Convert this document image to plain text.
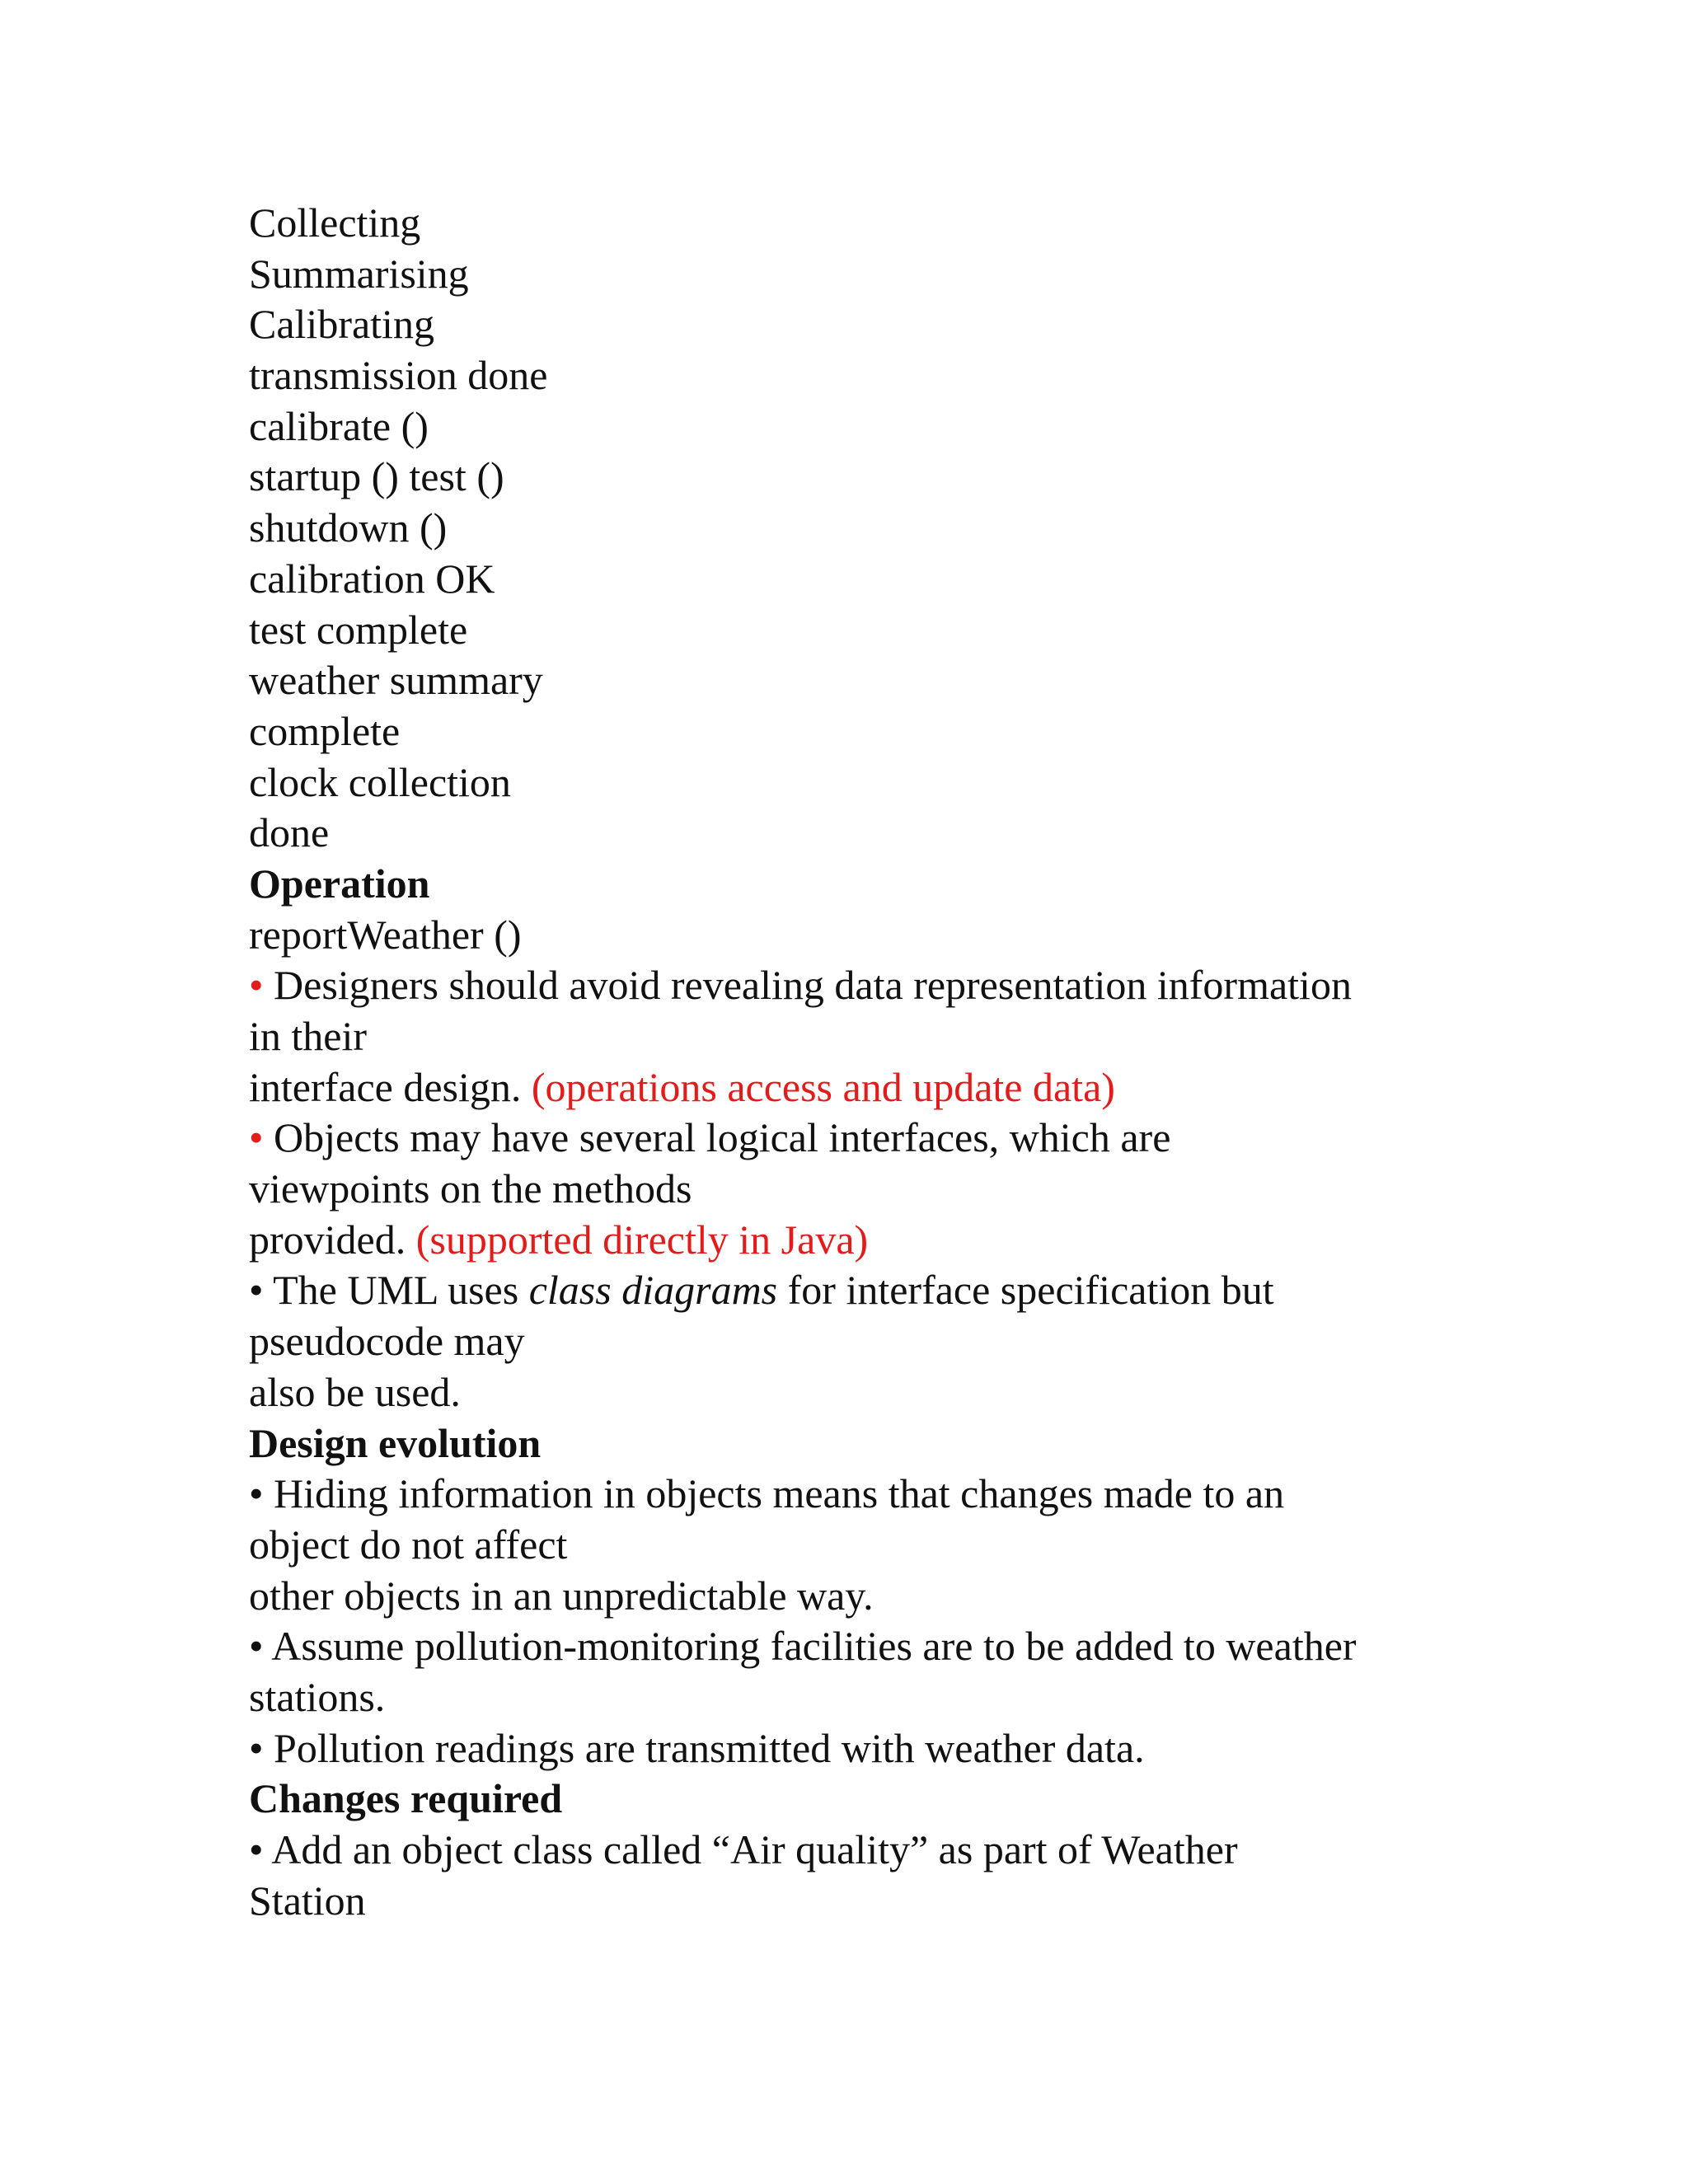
Collecting
Summarising
Calibrating
transmission done
calibrate ()
startup () test ()
shutdown ()
calibration OK
test complete
weather summary
complete
clock collection
done
Operation
reportWeather ()
• Designers should avoid revealing data representation information
in their
interface design. (operations access and update data)
• Objects may have several logical interfaces, which are
viewpoints on the methods
provided. (supported directly in Java)
• The UML uses class diagrams for interface specification but
pseudocode may
also be used.
Design evolution
• Hiding information in objects means that changes made to an
object do not affect
other objects in an unpredictable way.
• Assume pollution-monitoring facilities are to be added to weather
stations.
• Pollution readings are transmitted with weather data.
Changes required
• Add an object class called “Air quality” as part of Weather
Station
